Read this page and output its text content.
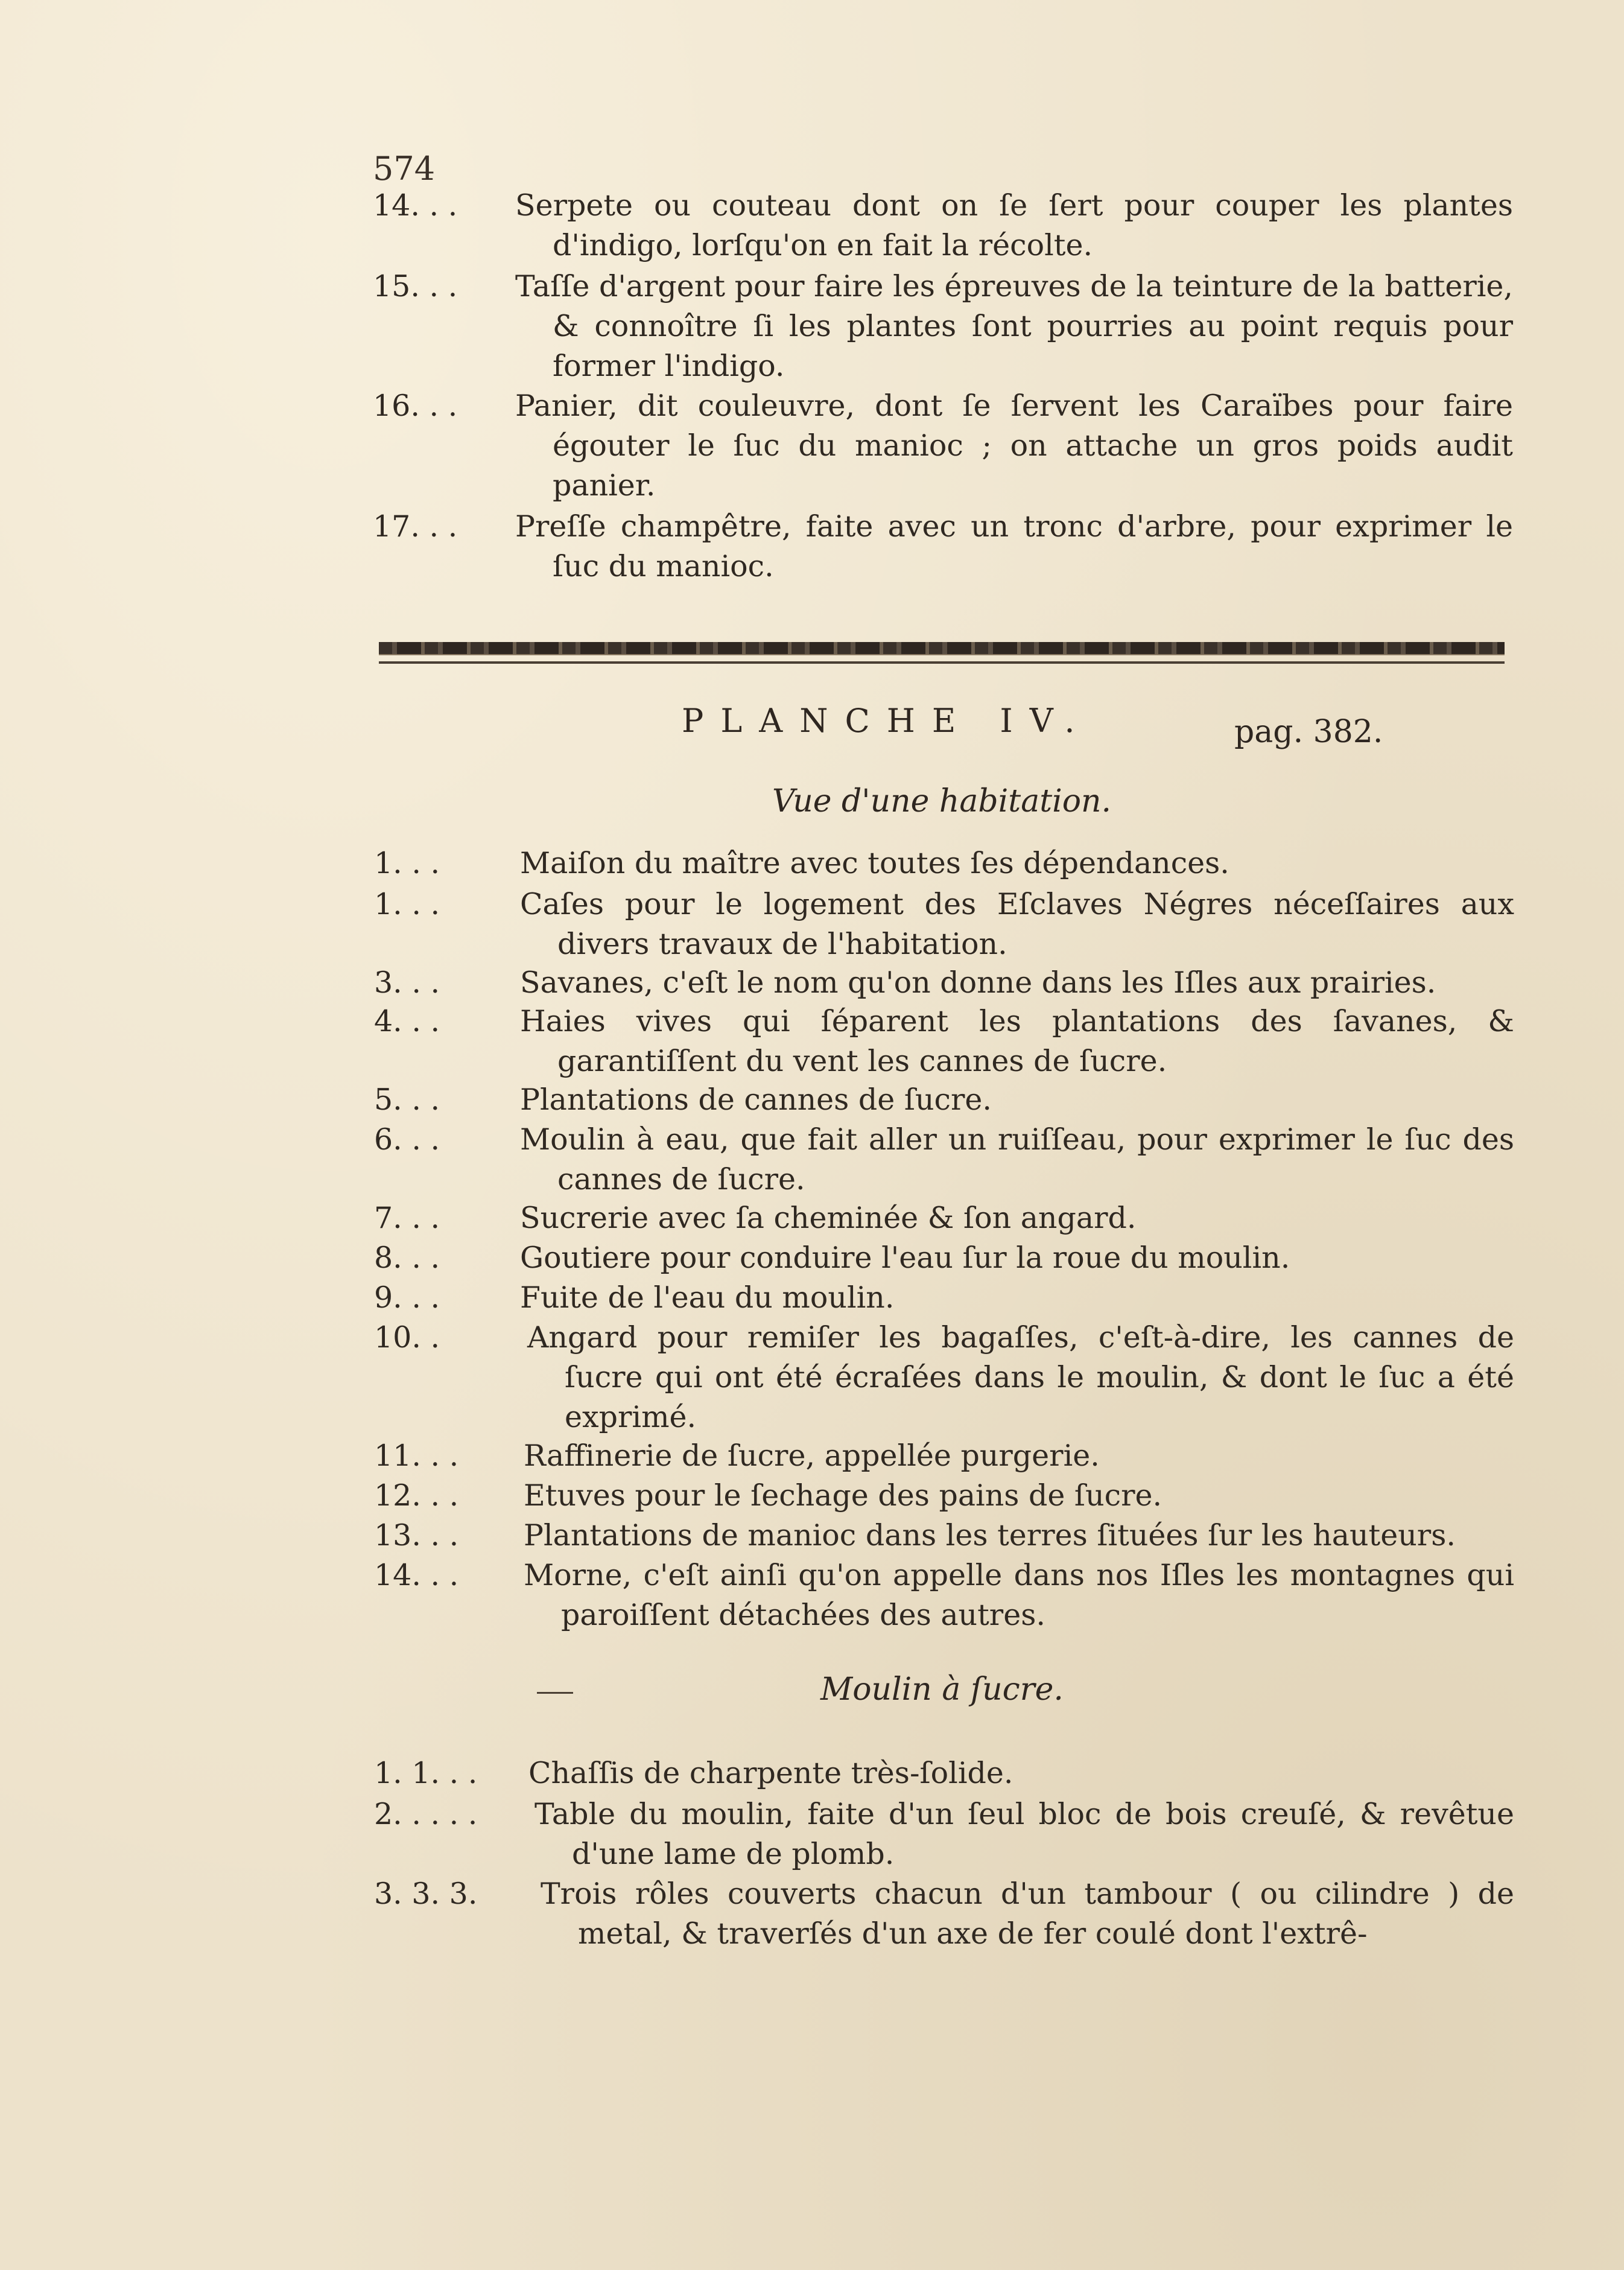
574
14. . . Serpete ou couteau dont on ſe ſert pour couper les plantes d'indigo, lorſqu'on en fait la récolte.
15. . . Taſſe d'argent pour faire les épreuves de la teinture de la batterie, & connoître ſi les plantes ſont pourries au point requis pour former l'indigo.
16. . . Panier, dit couleuvre, dont ſe ſervent les Caraïbes pour faire égouter le ſuc du manioc ; on attache un gros poids audit panier.
17. . . Preſſe champêtre, faite avec un tronc d'arbre, pour exprimer le ſuc du manioc.
PLANCHE IV.	pag. 382.
Vue d'une habitation.
1. . .	Maiſon du maître avec toutes ſes dépendances.
1. . .	Caſes pour le logement des Eſclaves Négres néceſſaires aux divers travaux de l'habitation.
3. . .	Savanes, c'eſt le nom qu'on donne dans les Iſles aux prairies.
4. . .	Haies vives qui ſéparent les plantations des ſavanes, & garantiſſent du vent les cannes de ſucre.
5. . .	Plantations de cannes de ſucre.
6. . .	Moulin à eau, que fait aller un ruiſſeau, pour exprimer le ſuc des cannes de ſucre.
7. . .	Sucrerie avec ſa cheminée & ſon angard.
8. . .	Goutiere pour conduire l'eau ſur la roue du moulin.
9. . .	Fuite de l'eau du moulin.
10. .	Angard pour remiſer les bagaſſes, c'eſt-à-dire, les cannes de ſucre qui ont été écraſées dans le moulin, & dont le ſuc a été exprimé.
11. . . Raffinerie de ſucre, appellée purgerie.
12. . . Etuves pour le ſechage des pains de ſucre.
13. . . Plantations de manioc dans les terres ſituées ſur les hauteurs.
14. . . Morne, c'eſt ainſi qu'on appelle dans nos Iſles les montagnes qui paroiſſent détachées des autres.
Moulin à ſucre.
1. 1. . . Chaſſis de charpente très-ſolide.
2. . . . . Table du moulin, faite d'un ſeul bloc de bois creuſé, & revêtue d'une lame de plomb.
3. 3. 3. Trois rôles couverts chacun d'un tambour ( ou cilindre ) de metal, & traverſés d'un axe de fer coulé dont l'extrê-
